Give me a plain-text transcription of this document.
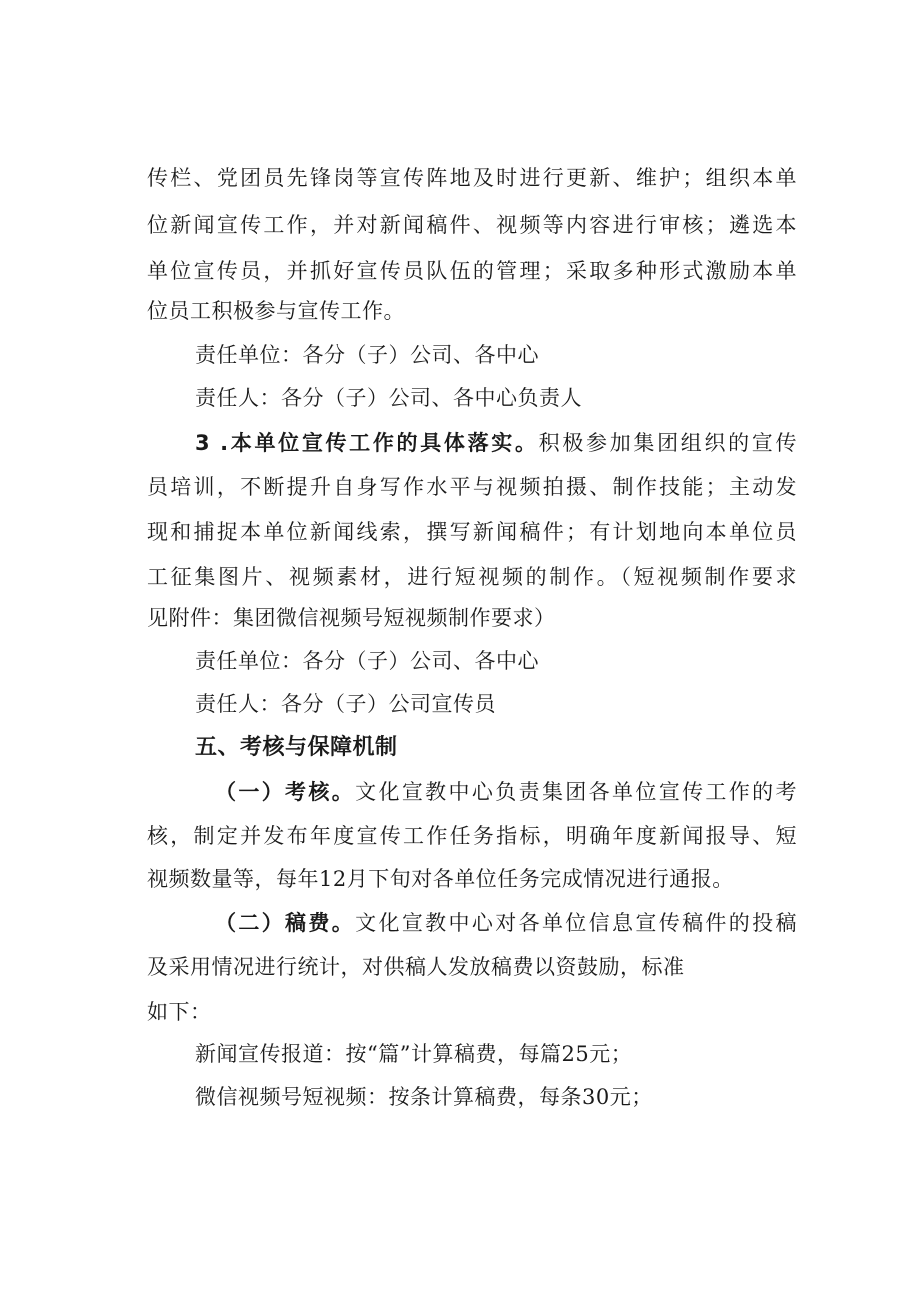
传栏、党团员先锋岗等宣传阵地及时进行更新、维护；组织本单
位新闻宣传工作，并对新闻稿件、视频等内容进行审核；遴选本
单位宣传员，并抓好宣传员队伍的管理；采取多种形式激励本单
位员工积极参与宣传工作。
责任单位：各分（子）公司、各中心
责任人：各分（子）公司、各中心负责人
3 .本单位宣传工作的具体落实。积极参加集团组织的宣传
员培训，不断提升自身写作水平与视频拍摄、制作技能；主动发
现和捕捉本单位新闻线索，撰写新闻稿件；有计划地向本单位员
工征集图片、视频素材，进行短视频的制作。（短视频制作要求
见附件：集团微信视频号短视频制作要求）
责任单位：各分（子）公司、各中心
责任人：各分（子）公司宣传员
五、考核与保障机制
（一）考核。文化宣教中心负责集团各单位宣传工作的考
核，制定并发布年度宣传工作任务指标，明确年度新闻报导、短
视频数量等，每年12月下旬对各单位任务完成情况进行通报。
（二）稿费。文化宣教中心对各单位信息宣传稿件的投稿
及采用情况进行统计，对供稿人发放稿费以资鼓励，标准
如下：
新闻宣传报道：按“篇”计算稿费，每篇25元；
微信视频号短视频：按条计算稿费，每条30元；
